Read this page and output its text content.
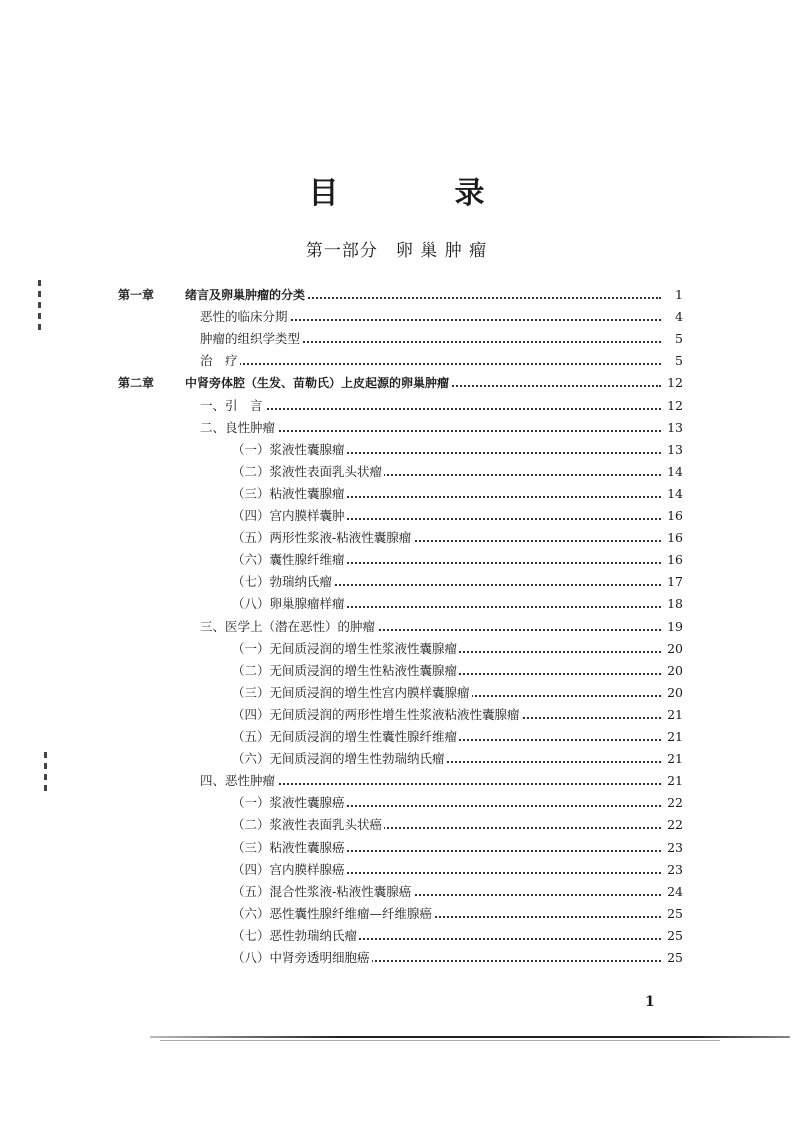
目	录
第一部分 卵 巢 肿 瘤
第一章	绪言及卵巢肿瘤的分类	1
恶性的临床分期	4
肿瘤的组织学类型	5
治　疗	5
第二章	中肾旁体腔（生发、苗勒氏）上皮起源的卵巢肿瘤	12
一、引　言	12
二、良性肿瘤	13
（一）浆液性囊腺瘤	13
（二）浆液性表面乳头状瘤	14
（三）粘液性囊腺瘤	14
（四）宫内膜样囊肿	16
（五）两形性浆液-粘液性囊腺瘤	16
（六）囊性腺纤维瘤	16
（七）勃瑞纳氏瘤	17
（八）卵巢腺瘤样瘤	18
三、医学上（潜在恶性）的肿瘤	19
（一）无间质浸润的增生性浆液性囊腺瘤	20
（二）无间质浸润的增生性粘液性囊腺瘤	20
（三）无间质浸润的增生性宫内膜样囊腺瘤	20
（四）无间质浸润的两形性增生性浆液粘液性囊腺瘤	21
（五）无间质浸润的增生性囊性腺纤维瘤	21
（六）无间质浸润的增生性勃瑞纳氏瘤	21
四、恶性肿瘤	21
（一）浆液性囊腺癌	22
（二）浆液性表面乳头状癌	22
（三）粘液性囊腺癌	23
（四）宫内膜样腺癌	23
（五）混合性浆液-粘液性囊腺癌	24
（六）恶性囊性腺纤维瘤—纤维腺癌	25
（七）恶性勃瑞纳氏瘤	25
（八）中肾旁透明细胞癌	25
1
